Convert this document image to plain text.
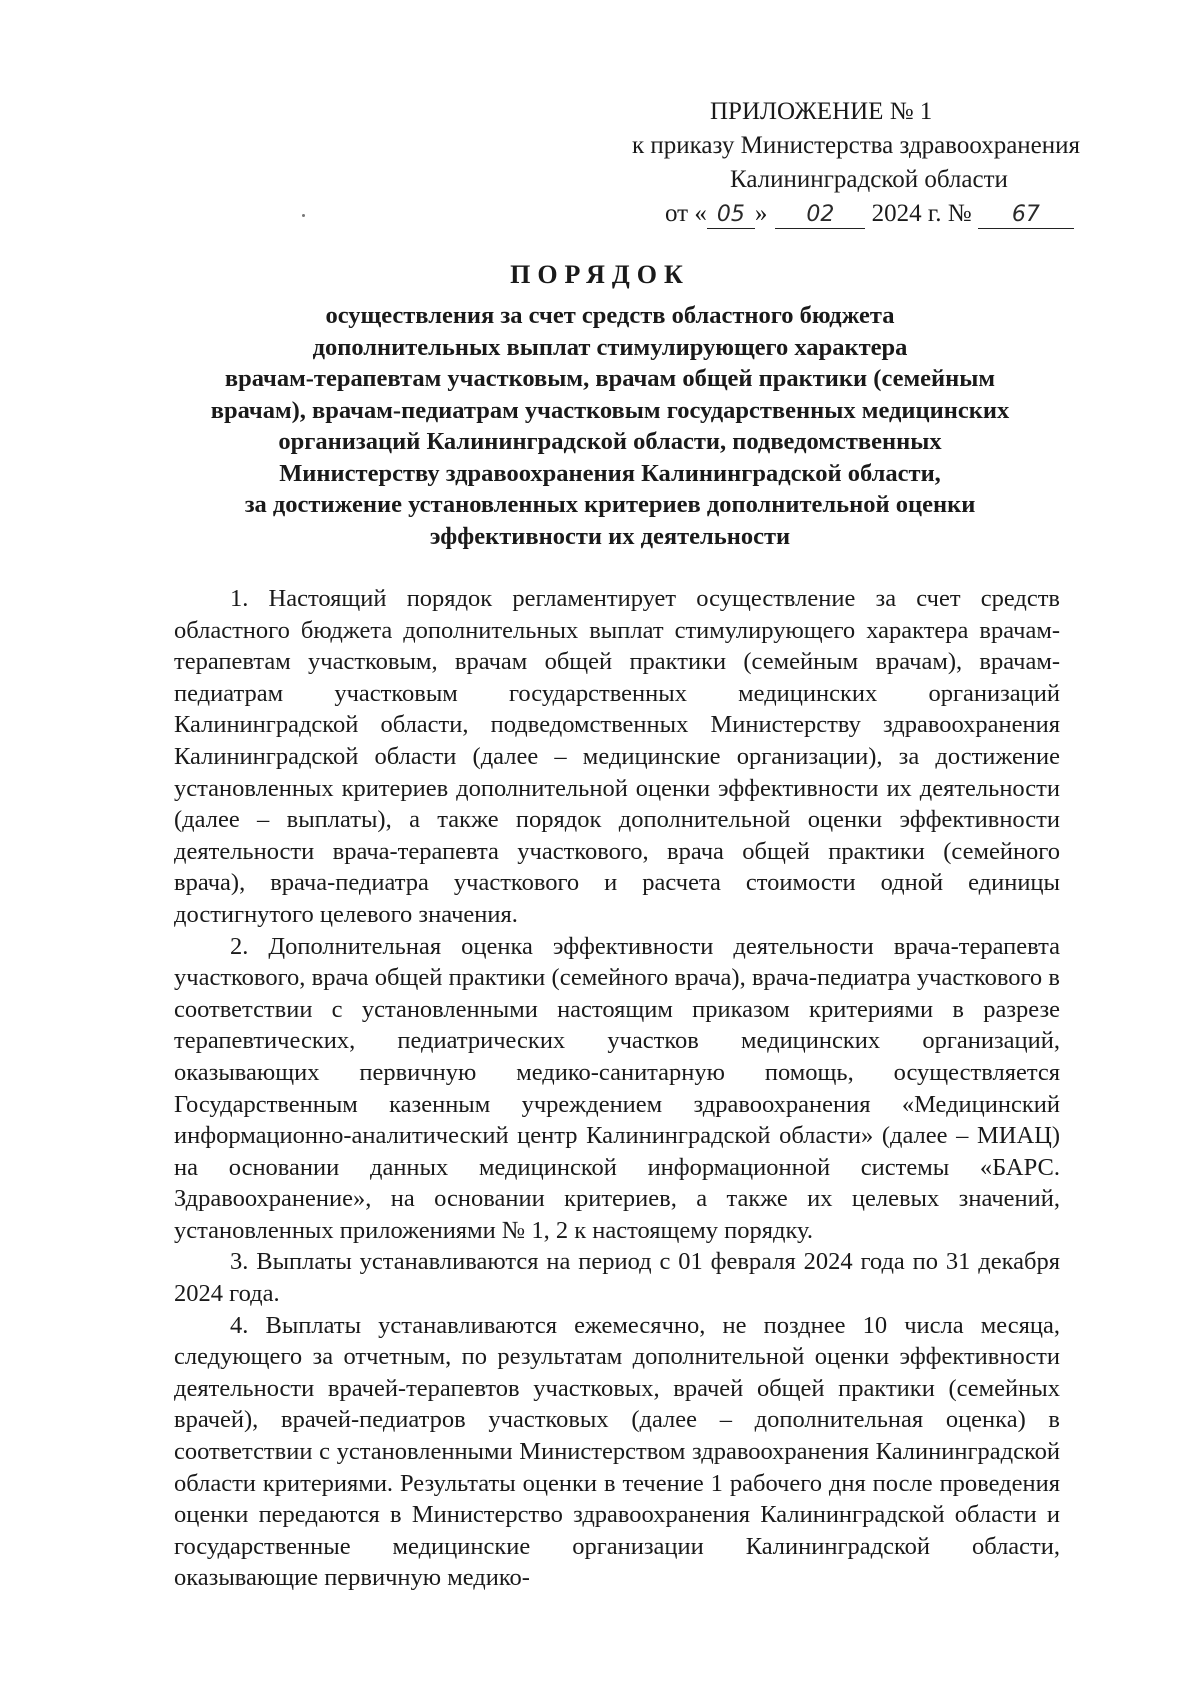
ПРИЛОЖЕНИЕ № 1
к приказу Министерства здравоохранения
Калининградской области
от « 05 » 02 2024 г. № 67
ПОРЯДОК
осуществления за счет средств областного бюджета
дополнительных выплат стимулирующего характера
врачам-терапевтам участковым, врачам общей практики (семейным
врачам), врачам-педиатрам участковым государственных медицинских
организаций Калининградской области, подведомственных
Министерству здравоохранения Калининградской области,
за достижение установленных критериев дополнительной оценки
эффективности их деятельности

1. Настоящий порядок регламентирует осуществление за счет средств областного бюджета дополнительных выплат стимулирующего характера врачам-терапевтам участковым, врачам общей практики (семейным врачам), врачам-педиатрам участковым государственных медицинских организаций Калининградской области, подведомственных Министерству здравоохранения Калининградской области (далее – медицинские организации), за достижение установленных критериев дополнительной оценки эффективности их деятельности (далее – выплаты), а также порядок дополнительной оценки эффективности деятельности врача-терапевта участкового, врача общей практики (семейного врача), врача-педиатра участкового и расчета стоимости одной единицы достигнутого целевого значения.

2. Дополнительная оценка эффективности деятельности врача-терапевта участкового, врача общей практики (семейного врача), врача-педиатра участкового в соответствии с установленными настоящим приказом критериями в разрезе терапевтических, педиатрических участков медицинских организаций, оказывающих первичную медико-санитарную помощь, осуществляется Государственным казенным учреждением здравоохранения «Медицинский информационно-аналитический центр Калининградской области» (далее – МИАЦ) на основании данных медицинской информационной системы «БАРС. Здравоохранение», на основании критериев, а также их целевых значений, установленных приложениями № 1, 2 к настоящему порядку.

3. Выплаты устанавливаются на период с 01 февраля 2024 года по 31 декабря 2024 года.

4. Выплаты устанавливаются ежемесячно, не позднее 10 числа месяца, следующего за отчетным, по результатам дополнительной оценки эффективности деятельности врачей-терапевтов участковых, врачей общей практики (семейных врачей), врачей-педиатров участковых (далее – дополнительная оценка) в соответствии с установленными Министерством здравоохранения Калининградской области критериями. Результаты оценки в течение 1 рабочего дня после проведения оценки передаются в Министерство здравоохранения Калининградской области и государственные медицинские организации Калининградской области, оказывающие первичную медико-
